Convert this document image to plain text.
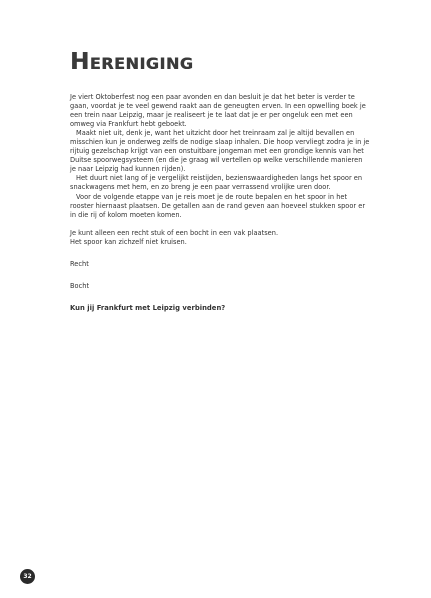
Hereniging

Je viert Oktoberfest nog een paar avonden en dan besluit je dat het beter is verder te gaan, voordat je te veel gewend raakt aan de geneugten erven. In een opwelling boek je een trein naar Leipzig, maar je realiseert je te laat dat je er per ongeluk een met een omweg via Frankfurt hebt geboekt.

Maakt niet uit, denk je, want het uitzicht door het treinraam zal je altijd bevallen en misschien kun je onderweg zelfs de nodige slaap inhalen. Die hoop vervliegt zodra je in je rijtuig gezelschap krijgt van een onstuitbare jongeman met een grondige kennis van het Duitse spoorwegsysteem (en die je graag wil vertellen op welke verschillende manieren je naar Leipzig had kunnen rijden).

Het duurt niet lang of je vergelijkt reistijden, bezienswaardigheden langs het spoor en snackwagens met hem, en zo breng je een paar verrassend vrolijke uren door.

Voor de volgende etappe van je reis moet je de route bepalen en het spoor in het rooster hiernaast plaatsen. De getallen aan de rand geven aan hoeveel stukken spoor er in die rij of kolom moeten komen.

Je kunt alleen een recht stuk of een bocht in een vak plaatsen.

Het spoor kan zichzelf niet kruisen.

Recht

Bocht

Kun jij Frankfurt met Leipzig verbinden?

32
